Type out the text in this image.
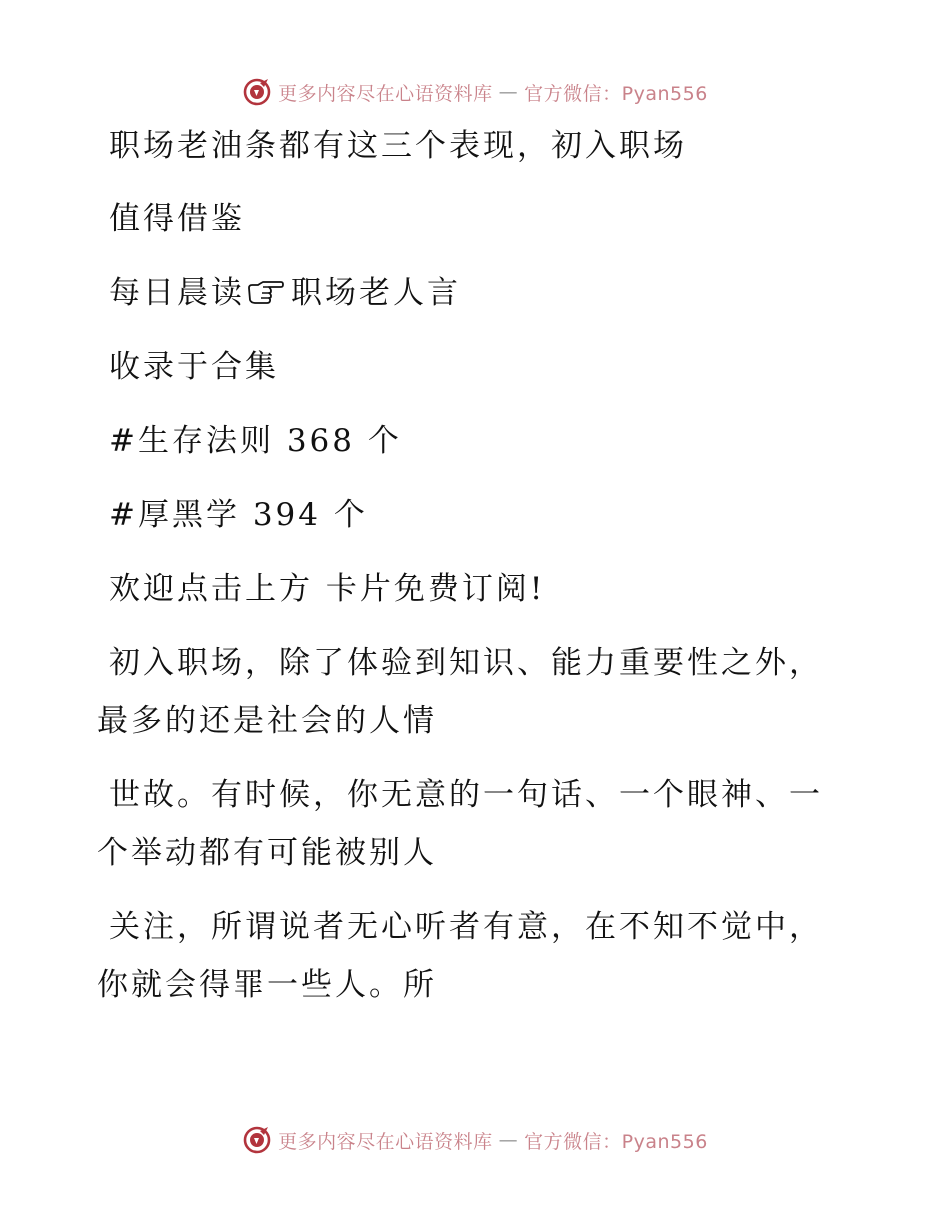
更多内容尽在心语资料库 — 官方微信：Pyan556

职场老油条都有这三个表现，初入职场

值得借鉴

每日晨读 职场老人言

收录于合集

#生存法则 368 个

#厚黑学 394 个

欢迎点击上方 卡片免费订阅!

初入职场，除了体验到知识、能力重要性之外，

最多的还是社会的人情

世故。有时候，你无意的一句话、一个眼神、一

个举动都有可能被别人

关注，所谓说者无心听者有意，在不知不觉中，

你就会得罪一些人。所

更多内容尽在心语资料库 — 官方微信：Pyan556
